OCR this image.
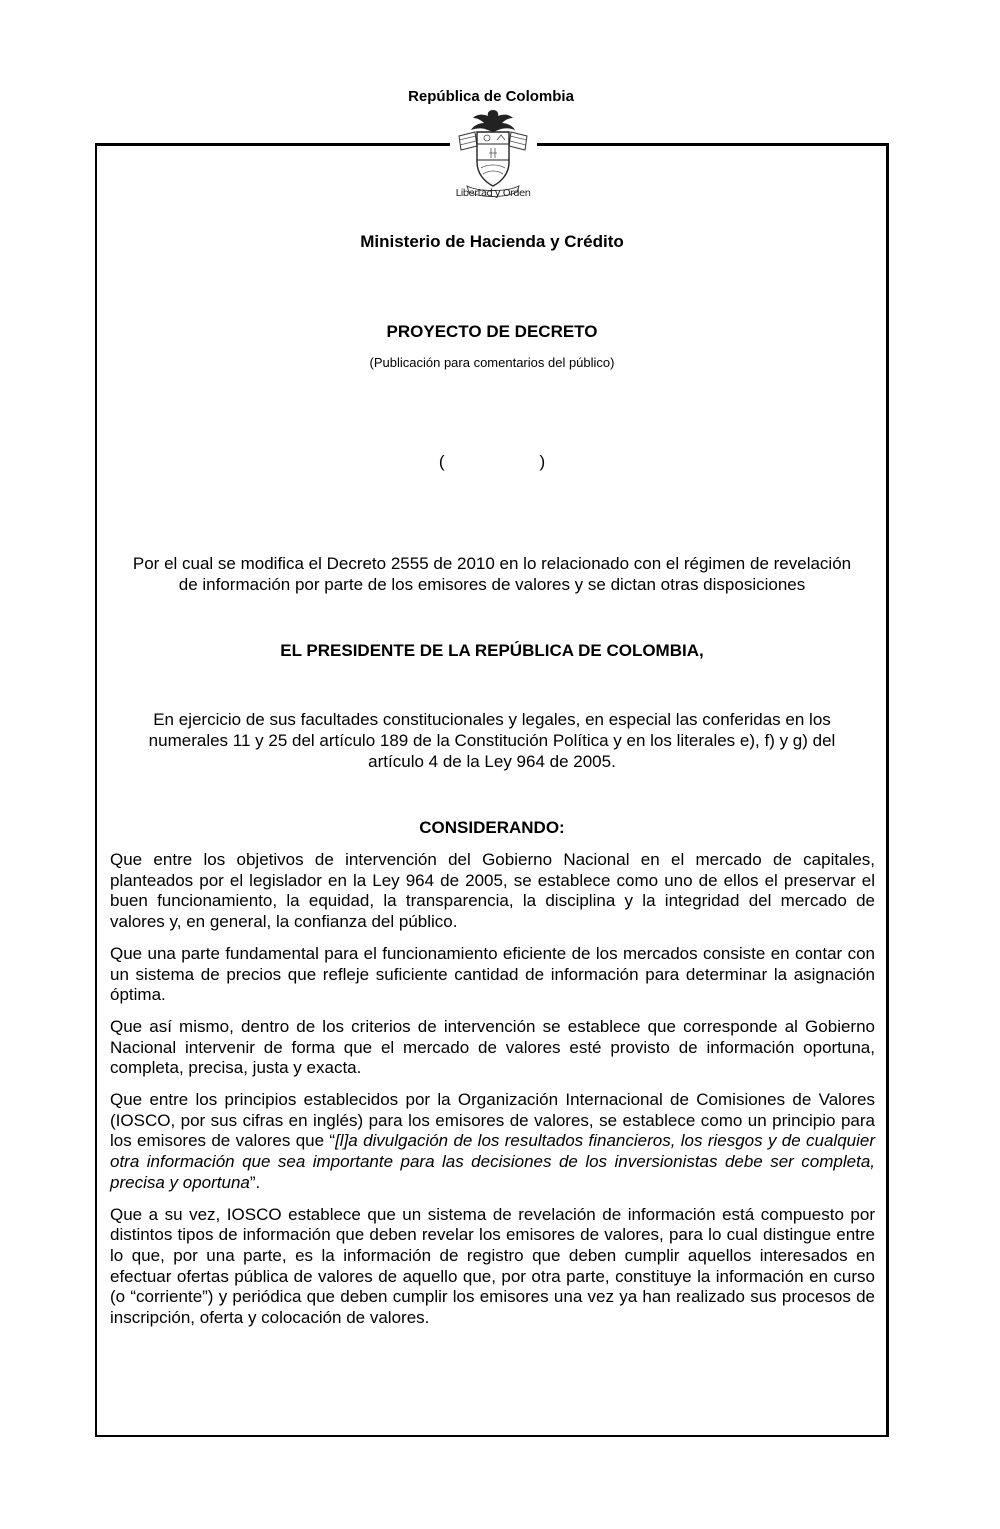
República de Colombia
Libertad y Orden
Ministerio de Hacienda y Crédito
PROYECTO DE DECRETO
(Publicación para comentarios del público)
(	)
Por el cual se modifica el Decreto 2555 de 2010 en lo relacionado con el régimen de revelación
de información por parte de los emisores de valores y se dictan otras disposiciones
EL PRESIDENTE DE LA REPÚBLICA DE COLOMBIA,
En ejercicio de sus facultades constitucionales y legales, en especial las conferidas en los
numerales 11 y 25 del artículo 189 de la Constitución Política y en los literales e), f) y g) del
artículo 4 de la Ley 964 de 2005.
CONSIDERANDO:

Que entre los objetivos de intervención del Gobierno Nacional en el mercado de capitales, planteados por el legislador en la Ley 964 de 2005, se establece como uno de ellos el preservar el buen funcionamiento, la equidad, la transparencia, la disciplina y la integridad del mercado de valores y, en general, la confianza del público.

Que una parte fundamental para el funcionamiento eficiente de los mercados consiste en contar con un sistema de precios que refleje suficiente cantidad de información para determinar la asignación óptima.

Que así mismo, dentro de los criterios de intervención se establece que corresponde al Gobierno Nacional intervenir de forma que el mercado de valores esté provisto de información oportuna, completa, precisa, justa y exacta.

Que entre los principios establecidos por la Organización Internacional de Comisiones de Valores (IOSCO, por sus cifras en inglés) para los emisores de valores, se establece como un principio para los emisores de valores que “[l]a divulgación de los resultados financieros, los riesgos y de cualquier otra información que sea importante para las decisiones de los inversionistas debe ser completa, precisa y oportuna”.

Que a su vez, IOSCO establece que un sistema de revelación de información está compuesto por distintos tipos de información que deben revelar los emisores de valores, para lo cual distingue entre lo que, por una parte, es la información de registro que deben cumplir aquellos interesados en efectuar ofertas pública de valores de aquello que, por otra parte, constituye la información en curso (o “corriente”) y periódica que deben cumplir los emisores una vez ya han realizado sus procesos de inscripción, oferta y colocación de valores.
